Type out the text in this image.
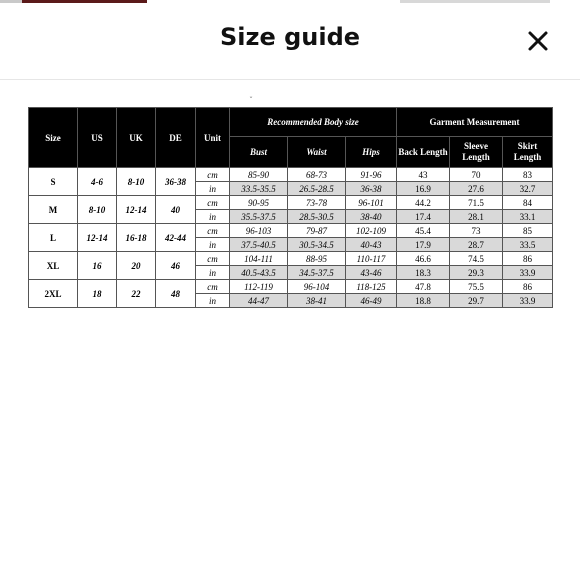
Size guide
ˇ
Size	US	UK	DE	Unit	Recommended Body size			Garment Measurement		
					Bust	Waist	Hips	Back Length	Sleeve Length	Skirt Length
S	4-6	8-10	36-38	cm	85-90	68-73	91-96	43	70	83
				in	33.5-35.5	26.5-28.5	36-38	16.9	27.6	32.7
M	8-10	12-14	40	cm	90-95	73-78	96-101	44.2	71.5	84
				in	35.5-37.5	28.5-30.5	38-40	17.4	28.1	33.1
L	12-14	16-18	42-44	cm	96-103	79-87	102-109	45.4	73	85
				in	37.5-40.5	30.5-34.5	40-43	17.9	28.7	33.5
XL	16	20	46	cm	104-111	88-95	110-117	46.6	74.5	86
				in	40.5-43.5	34.5-37.5	43-46	18.3	29.3	33.9
2XL	18	22	48	cm	112-119	96-104	118-125	47.8	75.5	86
				in	44-47	38-41	46-49	18.8	29.7	33.9
